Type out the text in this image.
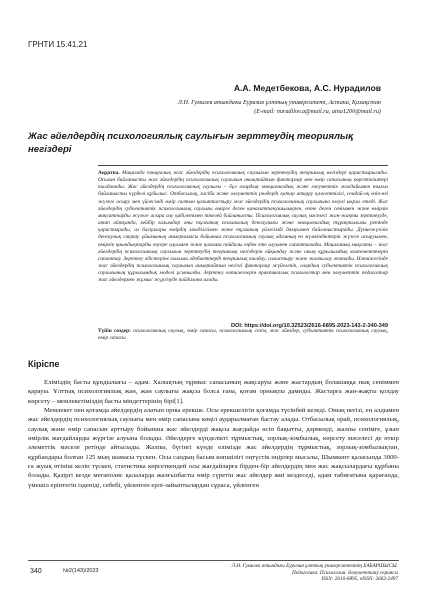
ГРНТИ 15.41.21
А.А. Медетбекова, А.С. Нурадилов
Л.Н. Гумилев атындағы Еуразия ұлттық университеті, Астана, Қазақстан
(E-mail: nuradilov.a@mail.ru, aina1200@mail.ru)
Жас әйелдердің психологиялық саулығын зерттеудің теориялық негіздері
Аңдатпа. Мақалада пәнаралық жас әйелдердің психологиялық саулығын зерттеудің теориялық негіздері қарастырылады. Осыған байланысты жас әйелдердің психологиялық саулығын анықтайтын факторлар мен өмір сапасының көрсеткіштері талданады. Жас әйелдердің психологиялық саулығы – бұл олардың эмоционалдық және әлеуметтік жағдайымен тығыз байланысты күрделі құбылыс. Отбасылық, кәсіби және әлеуметтік рөлдерді қатар атқару қажеттілігі, сондай-ақ өзін-өзі жүзеге асыру мен үйлесімді өмір салтын қалыптастыру жас әйелдердің психологиялық саулығына елеулі ықпал етеді. Жас әйелдердің субъективтік психологиялық саулығы өмірге деген қанағаттанушылықпен, өзіне деген сеніммен және өмірлік мақсаттарды жүзеге асыра алу қабілетімен тікелей байланысты. Психологиялық саулық мәселесі жан-жақты зерттелуде, атап айтқанда, кейбір ғалымдар оны тұлғаның психикалық денсаулығы және эмоционалдық тұрақтылығы ретінде қарастырады, ал басқалары өмірдің мәнділігімен және тұлғаның үйлесімді дамуымен байланыстырады. Дүниежүзілік денсаулық сақтау ұйымының анықтамасы бойынша психологиялық саулық адамның өз мүмкіндіктерін жүзеге асыруымен, өмірлік қиындықтарды еңсере алуымен және қоғамға пайдалы еңбек ете алуымен сипатталады. Мақаланың мақсаты – жас әйелдердің психологиялық саулығын зерттеудің теориялық негіздерін айқындау және оның құрылымдық компоненттерін сипаттау. Зерттеу әдістеріне ғылыми әдебиеттерді теориялық талдау, салыстыру және жалпылау жатады. Нәтижесінде жас әйелдердің психологиялық саулығын анықтайтын негізгі факторлар жүйеленіп, олардың субъективтік психологиялық саулығының құрылымдық моделі ұсынылды. Зерттеу нәтижелерін практикалық психологтар мен әлеуметтік педагогтар жас әйелдермен жұмыс жүргізуде пайдалана алады.
Түйін сөздер: психологиялық саулық, өмір сапасы, психологиялық сезім, жас әйелдер, субъективтік психологиялық саулық, өмір сапасы.
DOI: https://doi.org/10.32523/2616-6895-2023-143-2-340-349
Кіріспе

Елімiздiң басты құндылығы – адам. Халықтың тұрмыс сапасының жақсаруы және жастардың болашаққа нық сеніммен қарауы. Ұлттық психологиялық жан, жан саулығы жақсы болса ғана, қоғам орнықты дамиды. Жастарға жан-жақты қолдау көрсету – мемлекетіміздің басты міндеттерінің бірі[1].

Мемлекет пен қоғамда әйелдердің алатын орны ерекше. Осы ерекшелігін қоғамда түсінбей келеді. Оның негізі, ең алдымен жас әйелдердің психологиялық саулығы мен өмір сапасына көңіл аударылмаған бастау алады. Отбасылық орай, психологиялық, саулық және өмір сапасын арттыру бойынша жас әйелдерді жақсы жағдайда өсіп бақытты, дәрменді, жалпы сенімге, ұзын өмірлік жағдайларды жүргізе алуына болады. Әйелдерге күнделікті тұрмыстық, зорлық-зомбылық, көрсету мәселесі де өткір әлеметтік мәселе ретінде айтылады. Жалпы, бүгінгі күнде елімізде жас әйелдердің тұрмыстық, зорлық-зомбылықтан, құрбандары болған 125 мың шамасы түскен. Осы сандың басым көпшілігі оңтүстік өңірлер мысалы, Шымкент қаласында 3000-ға жуық өтініш келіп түскен, статистика көрсеткендей осы жағдайларға бірден-бір әйелдердің мен жас жақсылардағы құрбаны болады. Қазіргі кезде мегаполис қалаларда жалғызбасты өмір сүретін жас әйелдер жиі кездеседі, адам табиғатына қарағанда, үмешіл ерінтегін ізденіді, себебі, үйленген ерлі-зайыптылардан сұраса, үйленген

340	№2(143)/2023
Л.Н. Гумилев атындағы Еуразия ұлттық университетінің ХАБАРШЫСЫ.
Педагогика. Психология. Әлеуметтану сериясы
ISSN: 2616-6895, eISSN: 2663-2497
